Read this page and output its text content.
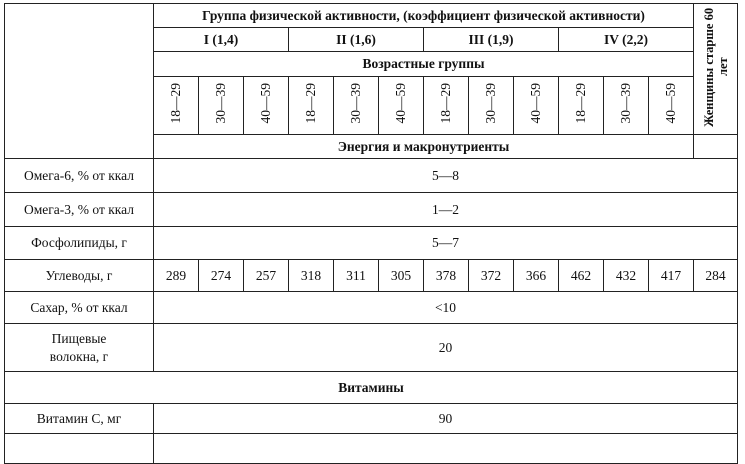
	Группа физической активности, (коэффициент физической активности)												Женщины старше 60 лет
	I (1,4)			II (1,6)			III (1,9)			IV (2,2)			
	Возрастные группы												
	18—29	30—39	40—59	18—29	30—39	40—59	18—29	30—39	40—59	18—29	30—39	40—59	
	Энергия и макронутриенты												
Омега-6, % от ккал	5—8												
Омега-3, % от ккал	1—2												
Фосфолипиды, г	5—7												
Углеводы, г	289	274	257	318	311	305	378	372	366	462	432	417	284
Сахар, % от ккал	<10												

Пищевые
волокна, г	20												
Витамины													
Витамин С, мг	90												
